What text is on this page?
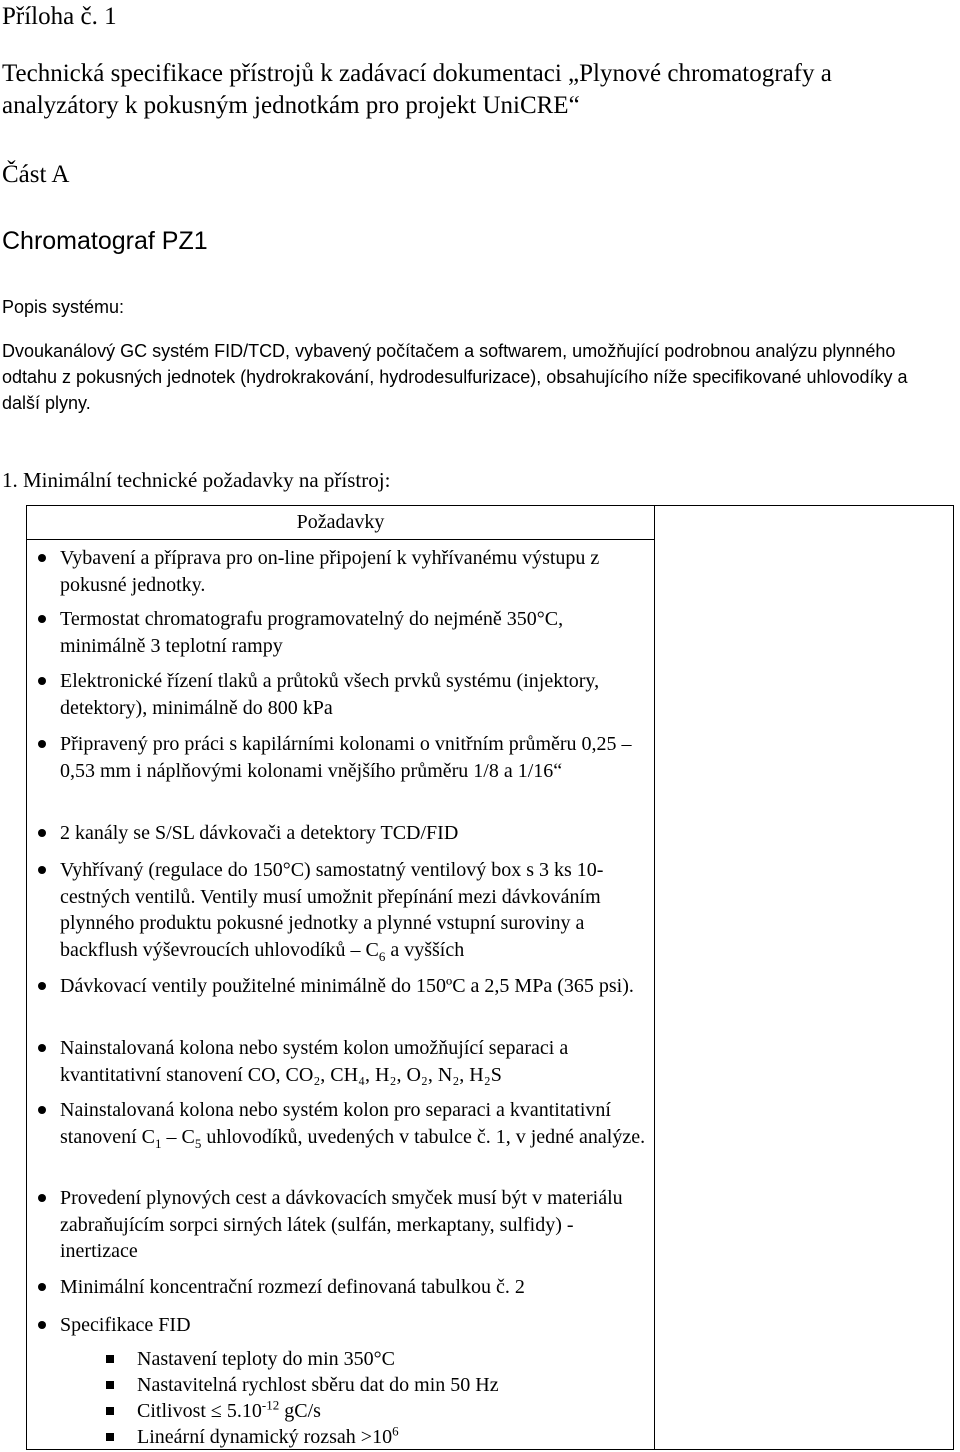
Příloha č. 1
Technická specifikace přístrojů k zadávací dokumentaci „Plynové chromatografy a analyzátory k pokusným jednotkám pro projekt UniCRE“
Část A
Chromatograf PZ1
Popis systému:
Dvoukanálový GC systém FID/TCD, vybavený počítačem a softwarem, umožňující podrobnou analýzu plynného odtahu z pokusných jednotek (hydrokrakování, hydrodesulfurizace), obsahujícího níže specifikované uhlovodíky a další plyny.
1. Minimální technické požadavky na přístroj:
Požadavky
Vybavení a příprava pro on-line připojení k vyhřívanému výstupu z pokusné jednotky.
Termostat chromatografu programovatelný do nejméně 350°C, minimálně 3 teplotní rampy
Elektronické řízení tlaků a průtoků všech prvků systému (injektory, detektory), minimálně do 800 kPa
Připravený pro práci s kapilárními kolonami o vnitřním průměru 0,25 – 0,53 mm i náplňovými kolonami vnějšího průměru 1/8 a 1/16“
2 kanály se S/SL dávkovači a detektory TCD/FID
Vyhřívaný (regulace do 150°C) samostatný ventilový box s 3 ks 10-cestných ventilů. Ventily musí umožnit přepínání mezi dávkováním plynného produktu pokusné jednotky a plynné vstupní suroviny a backflush výševroucích uhlovodíků – $C_6$ a vyšších
Dávkovací ventily použitelné minimálně do 150ºC a 2,5 MPa (365 psi).
Nainstalovaná kolona nebo systém kolon umožňující separaci a kvantitativní stanovení CO, CO₂, CH₄, H₂, O₂, N₂, H₂S
Nainstalovaná kolona nebo systém kolon pro separaci a kvantitativní stanovení $C_1 - C_5$ uhlovodíků, uvedených v tabulce č. 1, v jedné analýze.
Provedení plynových cest a dávkovacích smyček musí být v materiálu zabraňujícím sorpci sirných látek (sulfán, merkaptany, sulfidy) - inertizace
Minimální koncentrační rozmezí definovaná tabulkou č. 2
Specifikace FID
Nastavení teploty do min 350°C
Nastavitelná rychlost sběru dat do min 50 Hz
Citlivost ≤ $5.10^{-12}$ gC/s
Lineární dynamický rozsah $>10^6$
